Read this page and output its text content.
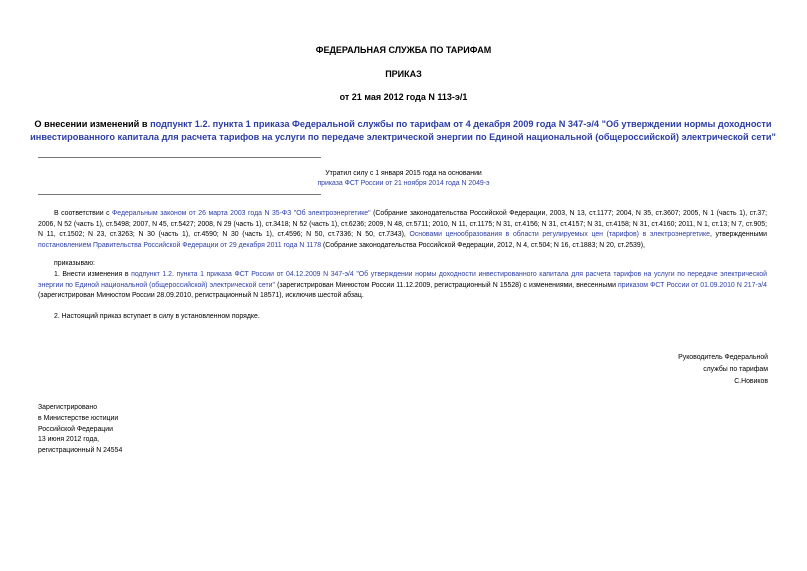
ФЕДЕРАЛЬНАЯ СЛУЖБА ПО ТАРИФАМ
ПРИКАЗ
от 21 мая 2012 года N 113-э/1
О внесении изменений в подпункт 1.2. пункта 1 приказа Федеральной службы по тарифам от 4 декабря 2009 года N 347-э/4 "Об утверждении нормы доходности инвестированного капитала для расчета тарифов на услуги по передаче электрической энергии по Единой национальной (общероссийской) электрической сети"
Утратил силу с 1 января 2015 года на основании
приказа ФСТ России от 21 ноября 2014 года N 2049-э
В соответствии с Федеральным законом от 26 марта 2003 года N 35-ФЗ "Об электроэнергетике" (Собрание законодательства Российской Федерации, 2003, N 13, ст.1177; 2004, N 35, ст.3607; 2005, N 1 (часть 1), ст.37; 2006, N 52 (часть 1), ст.5498; 2007, N 45, ст.5427; 2008, N 29 (часть 1), ст.3418; N 52 (часть 1), ст.6236; 2009, N 48, ст.5711; 2010, N 11, ст.1175; N 31, ст.4156; N 31, ст.4157; N 31, ст.4158; N 31, ст.4160; 2011, N 1, ст.13; N 7, ст.905; N 11, ст.1502; N 23, ст.3263; N 30 (часть 1), ст.4590; N 30 (часть 1), ст.4596; N 50, ст.7336; N 50, ст.7343), Основами ценообразования в области регулируемых цен (тарифов) в электроэнергетике, утвержденными постановлением Правительства Российской Федерации от 29 декабря 2011 года N 1178 (Собрание законодательства Российской Федерации, 2012, N 4, ст.504; N 16, ст.1883; N 20, ст.2539),
приказываю:
1. Внести изменения в подпункт 1.2. пункта 1 приказа ФСТ России от 04.12.2009 N 347-э/4 "Об утверждении нормы доходности инвестированного капитала для расчета тарифов на услуги по передаче электрической энергии по Единой национальной (общероссийской) электрической сети" (зарегистрирован Минюстом России 11.12.2009, регистрационный N 15528) с изменениями, внесенными приказом ФСТ России от 01.09.2010 N 217-э/4 (зарегистрирован Минюстом России 28.09.2010, регистрационный N 18571), исключив шестой абзац.
2. Настоящий приказ вступает в силу в установленном порядке.
Руководитель Федеральной
службы по тарифам
С.Новиков
Зарегистрировано
в Министерстве юстиции
Российской Федерации
13 июня 2012 года,
регистрационный N 24554
